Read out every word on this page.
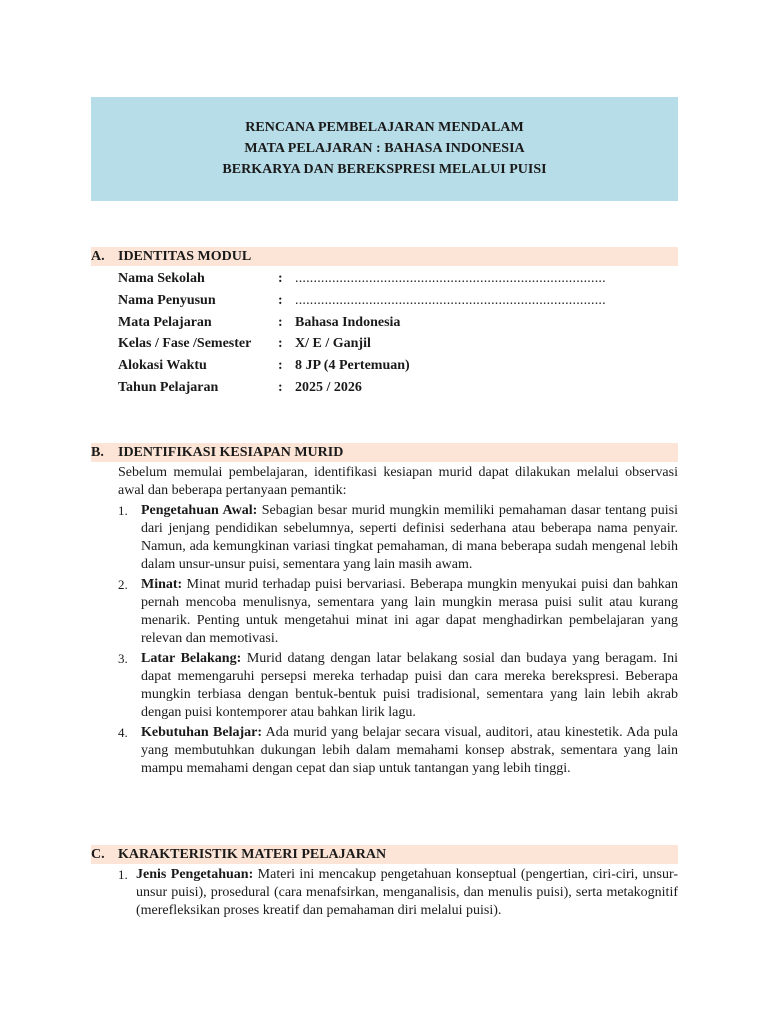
RENCANA PEMBELAJARAN MENDALAM
MATA PELAJARAN : BAHASA INDONESIA
BERKARYA DAN BEREKSPRESI MELALUI PUISI
A. IDENTITAS MODUL
Nama Sekolah	: ....................................................................................
Nama Penyusun	: ....................................................................................
Mata Pelajaran	: Bahasa Indonesia
Kelas / Fase /Semester : X/ E / Ganjil
Alokasi Waktu	: 8 JP (4 Pertemuan)
Tahun Pelajaran	: 2025 / 2026
B. IDENTIFIKASI KESIAPAN MURID
Sebelum memulai pembelajaran, identifikasi kesiapan murid dapat dilakukan melalui observasi awal dan beberapa pertanyaan pemantik:
1. Pengetahuan Awal: Sebagian besar murid mungkin memiliki pemahaman dasar tentang puisi dari jenjang pendidikan sebelumnya, seperti definisi sederhana atau beberapa nama penyair. Namun, ada kemungkinan variasi tingkat pemahaman, di mana beberapa sudah mengenal lebih dalam unsur-unsur puisi, sementara yang lain masih awam.
2. Minat: Minat murid terhadap puisi bervariasi. Beberapa mungkin menyukai puisi dan bahkan pernah mencoba menulisnya, sementara yang lain mungkin merasa puisi sulit atau kurang menarik. Penting untuk mengetahui minat ini agar dapat menghadirkan pembelajaran yang relevan dan memotivasi.
3. Latar Belakang: Murid datang dengan latar belakang sosial dan budaya yang beragam. Ini dapat memengaruhi persepsi mereka terhadap puisi dan cara mereka berekspresi. Beberapa mungkin terbiasa dengan bentuk-bentuk puisi tradisional, sementara yang lain lebih akrab dengan puisi kontemporer atau bahkan lirik lagu.
4. Kebutuhan Belajar: Ada murid yang belajar secara visual, auditori, atau kinestetik. Ada pula yang membutuhkan dukungan lebih dalam memahami konsep abstrak, sementara yang lain mampu memahami dengan cepat dan siap untuk tantangan yang lebih tinggi.
C. KARAKTERISTIK MATERI PELAJARAN
1. Jenis Pengetahuan: Materi ini mencakup pengetahuan konseptual (pengertian, ciri-ciri, unsur-unsur puisi), prosedural (cara menafsirkan, menganalisis, dan menulis puisi), serta metakognitif (merefleksikan proses kreatif dan pemahaman diri melalui puisi).
